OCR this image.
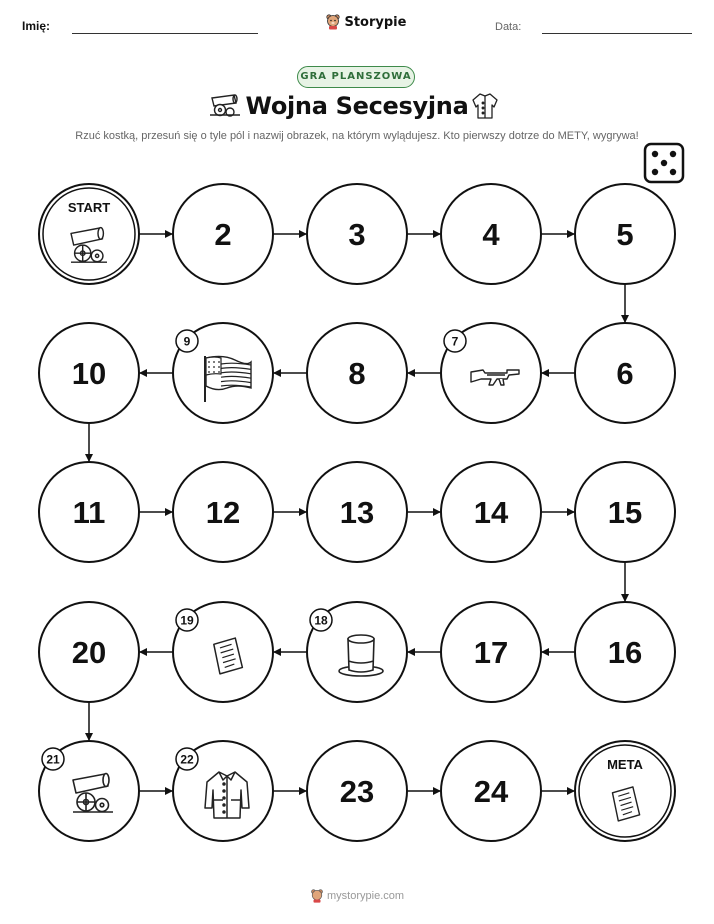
Imię:	Storypie	Data:
GRA PLANSZOWA
Wojna Secesyjna
Rzuć kostką, przesuń się o tyle pól i nazwij obrazek, na którym wylądujesz. Kto pierwszy dotrze do METY, wygrywa!
START
2	3	4	5
6
7
8
9
10
11	12	13	14	15
16
17
18
19
20
21	22
23	24
META
mystorypie.com
